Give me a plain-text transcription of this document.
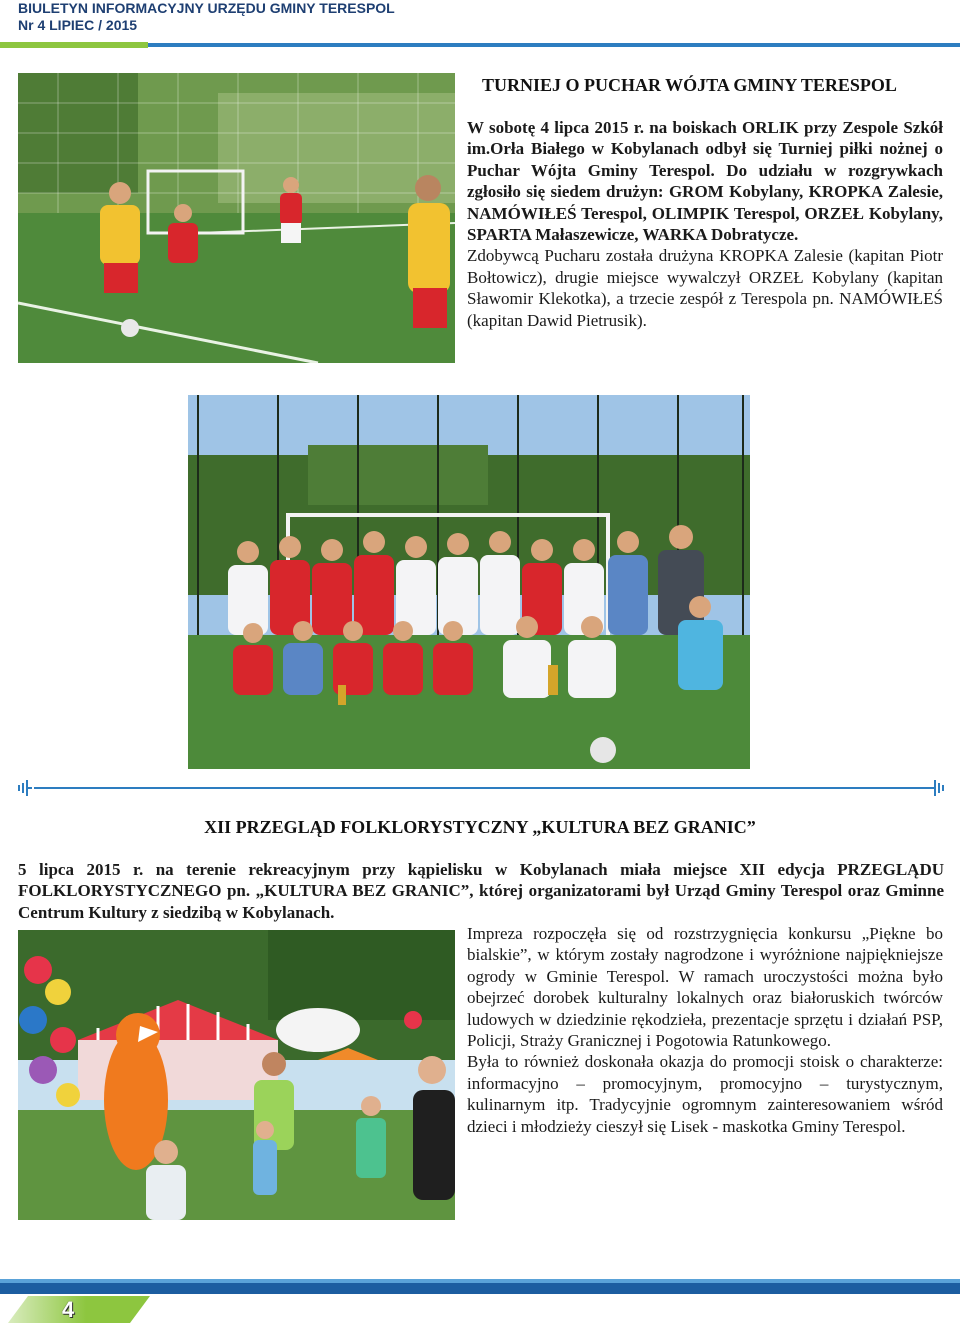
BIULETYN INFORMACYJNY URZĘDU GMINY TERESPOL
Nr 4 LIPIEC / 2015
TURNIEJ O PUCHAR WÓJTA GMINY TERESPOL

W sobotę 4 lipca 2015 r. na boiskach ORLIK przy Zespole Szkół im.Orła Białego w Kobylanach odbył się Turniej piłki nożnej o Puchar Wójta Gminy Terespol. Do udziału w rozgrywkach zgłosiło się siedem drużyn: GROM Kobylany, KROPKA Zalesie, NAMÓWIŁEŚ Terespol, OLIMPIK Terespol, ORZEŁ Kobylany, SPARTA Małaszewicze, WARKA Dobratycze.

Zdobywcą Pucharu została drużyna KROPKA Zalesie (kapitan Piotr Bołtowicz), drugie miejsce wywalczył ORZEŁ Kobylany (kapitan Sławomir Klekotka), a trzecie zespół z Terespola pn. NAMÓWIŁEŚ (kapitan Dawid Pietrusik).

XII PRZEGLĄD FOLKLORYSTYCZNY „KULTURA BEZ GRANIC”

5 lipca 2015 r. na terenie rekreacyjnym przy kąpielisku w Kobylanach miała miejsce XII edycja PRZEGLĄDU FOLKLORYSTYCZNEGO pn. „KULTURA BEZ GRANIC”, której organizatorami był Urząd Gminy Terespol oraz Gminne Centrum Kultury z siedzibą w Kobylanach.

Impreza rozpoczęła się od rozstrzygnięcia konkursu „Piękne bo bialskie”, w którym zostały nagrodzone i wyróżnione najpiękniejsze ogrody w Gminie Terespol. W ramach uroczystości można było obejrzeć dorobek kulturalny lokalnych oraz białoruskich twórców ludowych w dziedzinie rękodzieła, prezentacje sprzętu i działań PSP, Policji, Straży Granicznej i Pogotowia Ratunkowego.

Była to również doskonała okazja do promocji stoisk o charakterze: informacyjno – promocyjnym, promocyjno – turystycznym, kulinarnym itp. Tradycyjnie ogromnym zainteresowaniem wśród dzieci i młodzieży cieszył się Lisek - maskotka Gminy Terespol.

4
